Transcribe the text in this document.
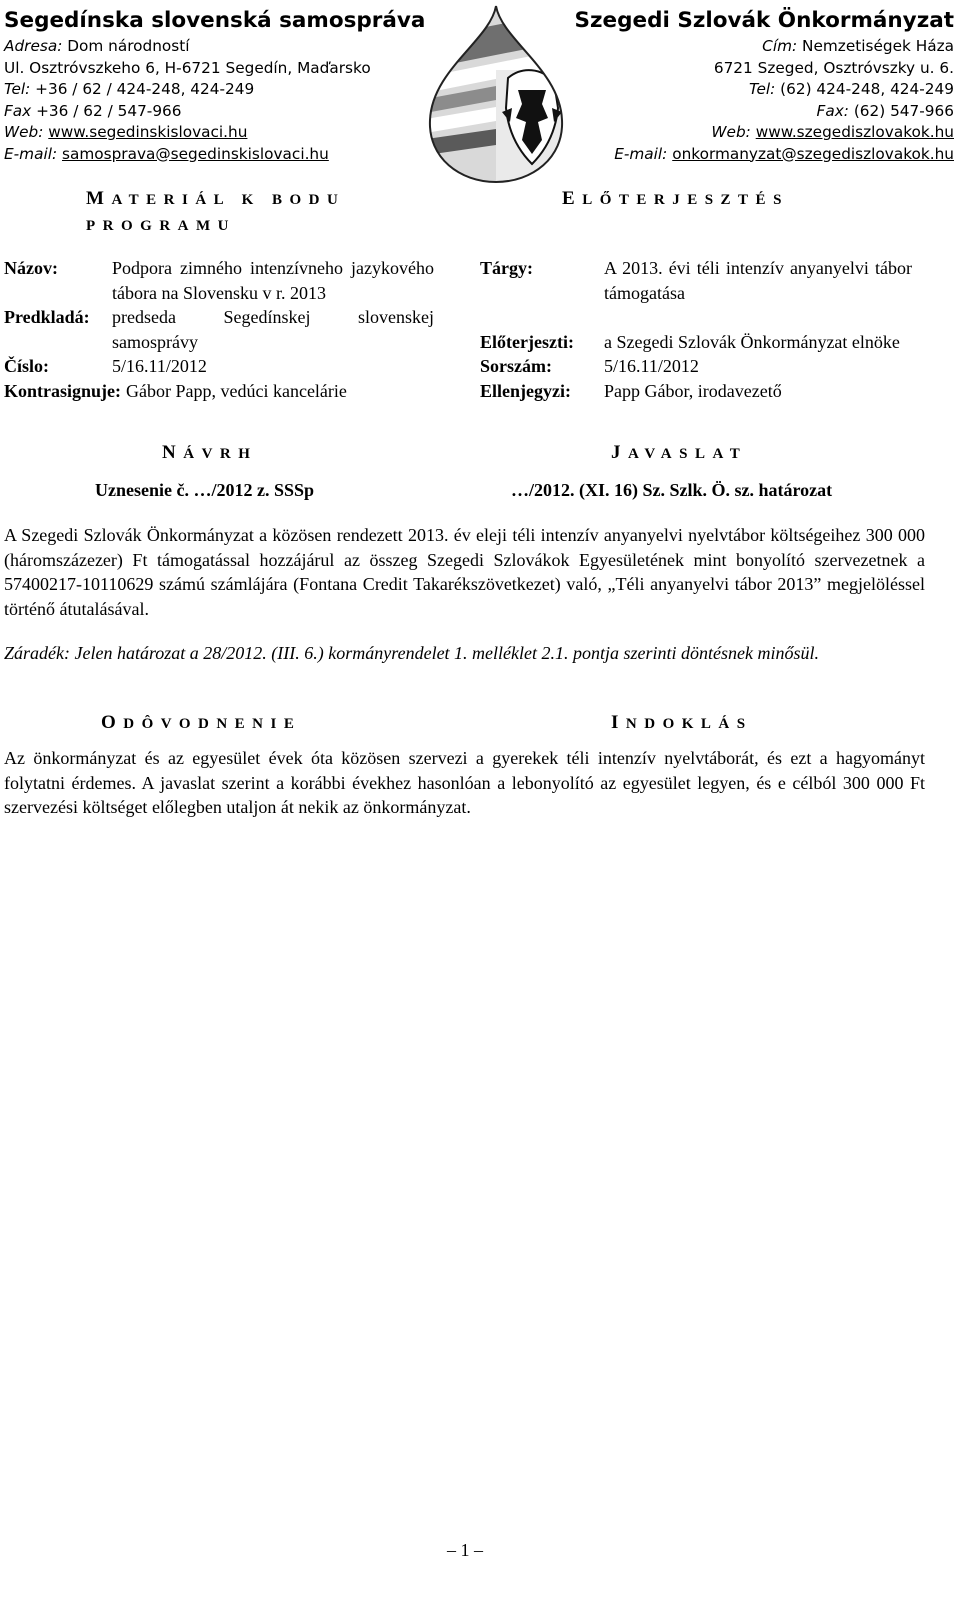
Segedínska slovenská samospráva
Adresa: Dom národností
Ul. Osztróvszkeho 6, H-6721 Segedín, Maďarsko
Tel: +36 / 62 / 424-248, 424-249
Fax +36 / 62 / 547-966
Web: www.segedinskislovaci.hu
E-mail: samosprava@segedinskislovaci.hu
Szegedi Szlovák Önkormányzat
Cím: Nemzetiségek Háza
6721 Szeged, Osztróvszky u. 6.
Tel: (62) 424-248, 424-249
Fax: (62) 547-966
Web: www.szegediszlovakok.hu
E-mail: onkormanyzat@szegediszlovakok.hu
MATERIÁL K BODU
PROGRAMU
ELŐTERJESZTÉS
Názov:	Podpora zimného intenzívneho jazykového tábora na Slovensku v r. 2013
Predkladá:	predseda Segedínskej slovenskej samosprávy
Číslo:	5/16.11/2012
Kontrasignuje: Gábor Papp, vedúci kancelárie
Tárgy:	A 2013. évi téli intenzív anyanyelvi tábor támogatása
Előterjeszti:	a Szegedi Szlovák Önkormányzat elnöke
Sorszám:	5/16.11/2012
Ellenjegyzi:	Papp Gábor, irodavezető
NÁVRH	JAVASLAT
Uznesenie č. …/2012 z. SSSp	…/2012. (XI. 16) Sz. Szlk. Ö. sz. határozat
A Szegedi Szlovák Önkormányzat a közösen rendezett 2013. év eleji téli intenzív anyanyelvi nyelvtábor költségeihez 300 000 (háromszázezer) Ft támogatással hozzájárul az összeg Szegedi Szlovákok Egyesületének mint bonyolító szervezetnek a 57400217-10110629 számú számlájára (Fontana Credit Takarékszövetkezet) való, „Téli anyanyelvi tábor 2013” megjelöléssel történő átutalásával.
Záradék: Jelen határozat a 28/2012. (III. 6.) kormányrendelet 1. melléklet 2.1. pontja szerinti döntésnek minősül.
ODÔVODNENIE	INDOKLÁS
Az önkormányzat és az egyesület évek óta közösen szervezi a gyerekek téli intenzív nyelvtáborát, és ezt a hagyományt folytatni érdemes. A javaslat szerint a korábbi évekhez hasonlóan a lebonyolító az egyesület legyen, és e célból 300 000 Ft szervezési költséget előlegben utaljon át nekik az önkormányzat.
– 1 –
